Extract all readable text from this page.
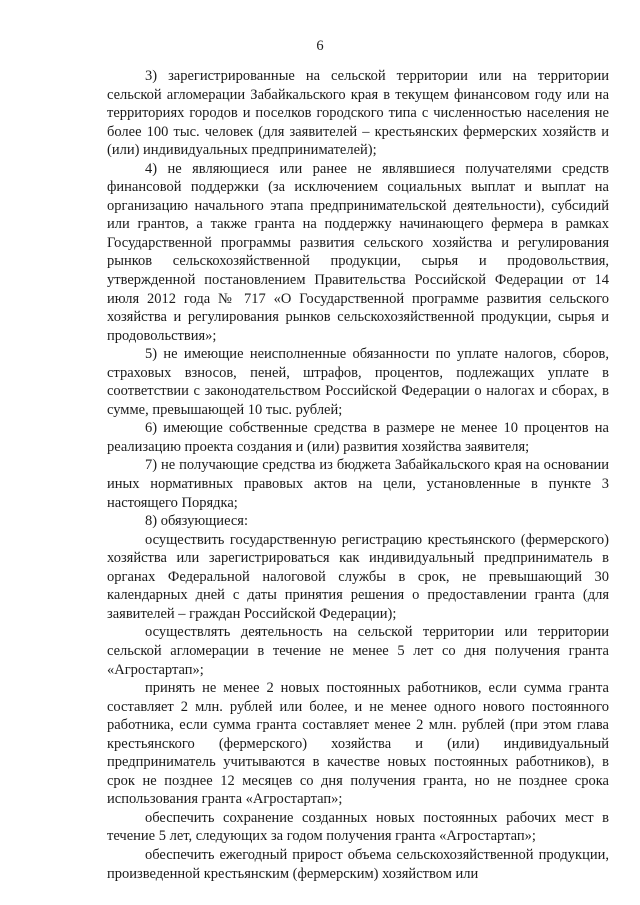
6

3) зарегистрированные на сельской территории или на территории сельской агломерации Забайкальского края в текущем финансовом году или на территориях городов и поселков городского типа с численностью населения не более 100 тыс. человек (для заявителей – крестьянских фермерских хозяйств и (или) индивидуальных предпринимателей);

4) не являющиеся или ранее не являвшиеся получателями средств финансовой поддержки (за исключением социальных выплат и выплат на организацию начального этапа предпринимательской деятельности), субсидий или грантов, а также гранта на поддержку начинающего фермера в рамках Государственной программы развития сельского хозяйства и регулирования рынков сельскохозяйственной продукции, сырья и продовольствия, утвержденной постановлением Правительства Российской Федерации от 14 июля 2012 года № 717 «О Государственной программе развития сельского хозяйства и регулирования рынков сельскохозяйственной продукции, сырья и продовольствия»;

5) не имеющие неисполненные обязанности по уплате налогов, сборов, страховых взносов, пеней, штрафов, процентов, подлежащих уплате в соответствии с законодательством Российской Федерации о налогах и сборах, в сумме, превышающей 10 тыс. рублей;

6) имеющие собственные средства в размере не менее 10 процентов на реализацию проекта создания и (или) развития хозяйства заявителя;

7) не получающие средства из бюджета Забайкальского края на основании иных нормативных правовых актов на цели, установленные в пункте 3 настоящего Порядка;

8) обязующиеся:

осуществить государственную регистрацию крестьянского (фермерского) хозяйства или зарегистрироваться как индивидуальный предприниматель в органах Федеральной налоговой службы в срок, не превышающий 30 календарных дней с даты принятия решения о предоставлении гранта (для заявителей – граждан Российской Федерации);

осуществлять деятельность на сельской территории или территории сельской агломерации в течение не менее 5 лет со дня получения гранта «Агростартап»;

принять не менее 2 новых постоянных работников, если сумма гранта составляет 2 млн. рублей или более, и не менее одного нового постоянного работника, если сумма гранта составляет менее 2 млн. рублей (при этом глава крестьянского (фермерского) хозяйства и (или) индивидуальный предприниматель учитываются в качестве новых постоянных работников), в срок не позднее 12 месяцев со дня получения гранта, но не позднее срока использования гранта «Агростартап»;

обеспечить сохранение созданных новых постоянных рабочих мест в течение 5 лет, следующих за годом получения гранта «Агростартап»;

обеспечить ежегодный прирост объема сельскохозяйственной продукции, произведенной крестьянским (фермерским) хозяйством или
